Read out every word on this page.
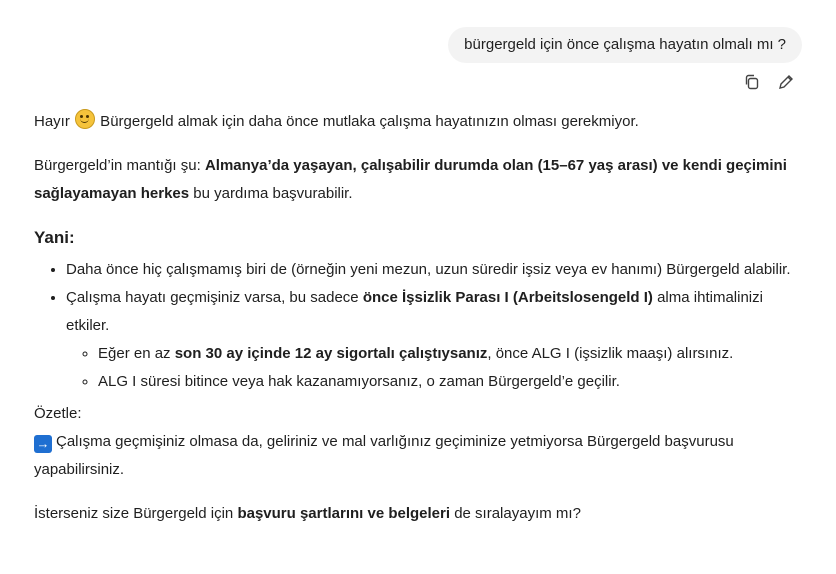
bürgergeld için önce çalışma hayatın olmalı mı ?

Hayır  Bürgergeld almak için daha önce mutlaka çalışma hayatınızın olması gerekmiyor.

Bürgergeld’in mantığı şu: Almanya’da yaşayan, çalışabilir durumda olan (15–67 yaş arası) ve kendi geçimini sağlayamayan herkes bu yardıma başvurabilir.

Yani:
• Daha önce hiç çalışmamış biri de (örneğin yeni mezun, uzun süredir işsiz veya ev hanımı) Bürgergeld alabilir.
• Çalışma hayatı geçmişiniz varsa, bu sadece önce İşsizlik Parası I (Arbeitslosengeld I) alma ihtimalinizi etkiler.
◦ Eğer en az son 30 ay içinde 12 ay sigortalı çalıştıysanız, önce ALG I (işsizlik maaşı) alırsınız.
◦ ALG I süresi bitince veya hak kazanamıyorsanız, o zaman Bürgergeld’e geçilir.

Özetle:

→ Çalışma geçmişiniz olmasa da, geliriniz ve mal varlığınız geçiminize yetmiyorsa Bürgergeld başvurusu yapabilirsiniz.

İsterseniz size Bürgergeld için başvuru şartlarını ve belgeleri de sıralayayım mı?
